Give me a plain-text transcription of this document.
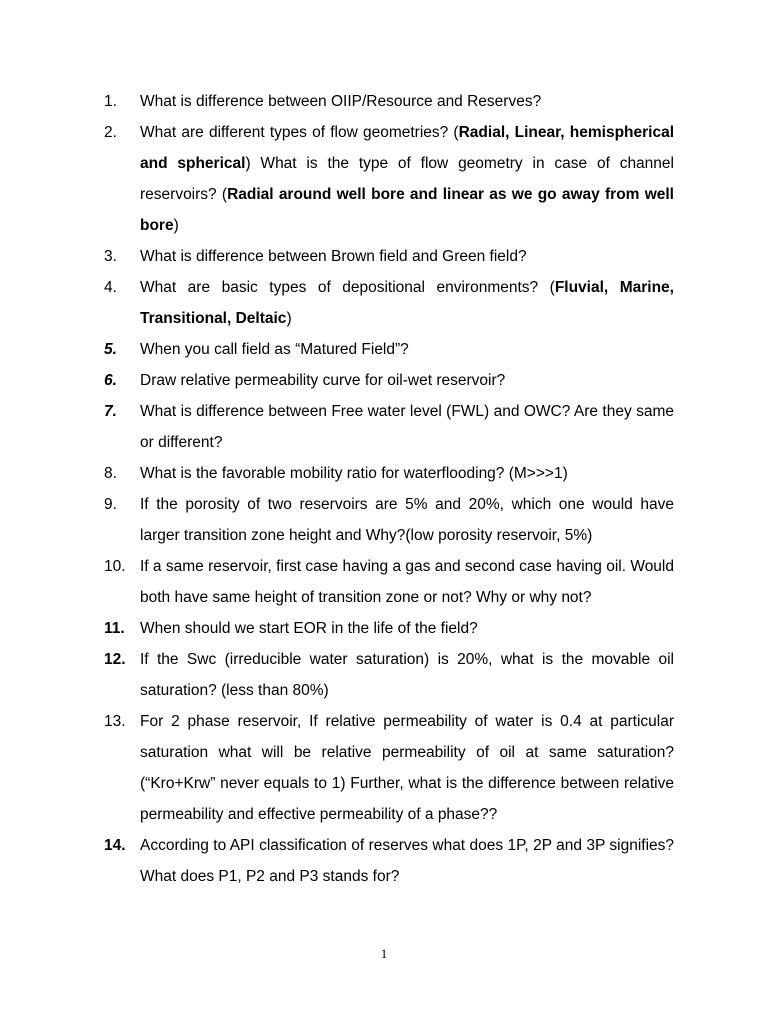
1.	What is difference between OIIP/Resource and Reserves?
2.	What are different types of flow geometries? (Radial, Linear, hemispherical and spherical) What is the type of flow geometry in case of channel reservoirs? (Radial around well bore and linear as we go away from well bore)
3.	What is difference between Brown field and Green field?
4.	What are basic types of depositional environments? (Fluvial, Marine, Transitional, Deltaic)
5.	When you call field as “Matured Field”?
6.	Draw relative permeability curve for oil-wet reservoir?
7.	What is difference between Free water level (FWL) and OWC? Are they same or different?
8.	What is the favorable mobility ratio for waterflooding? (M>>>1)
9.	If the porosity of two reservoirs are 5% and 20%, which one would have larger transition zone height and Why?(low porosity reservoir, 5%)
10. If a same reservoir, first case having a gas and second case having oil. Would both have same height of transition zone or not? Why or why not?
11. When should we start EOR in the life of the field?
12. If the Swc (irreducible water saturation) is 20%, what is the movable oil saturation? (less than 80%)
13. For 2 phase reservoir, If relative permeability of water is 0.4 at particular saturation what will be relative permeability of oil at same saturation? (“Kro+Krw” never equals to 1) Further, what is the difference between relative permeability and effective permeability of a phase??
14. According to API classification of reserves what does 1P, 2P and 3P signifies? What does P1, P2 and P3 stands for?
1
